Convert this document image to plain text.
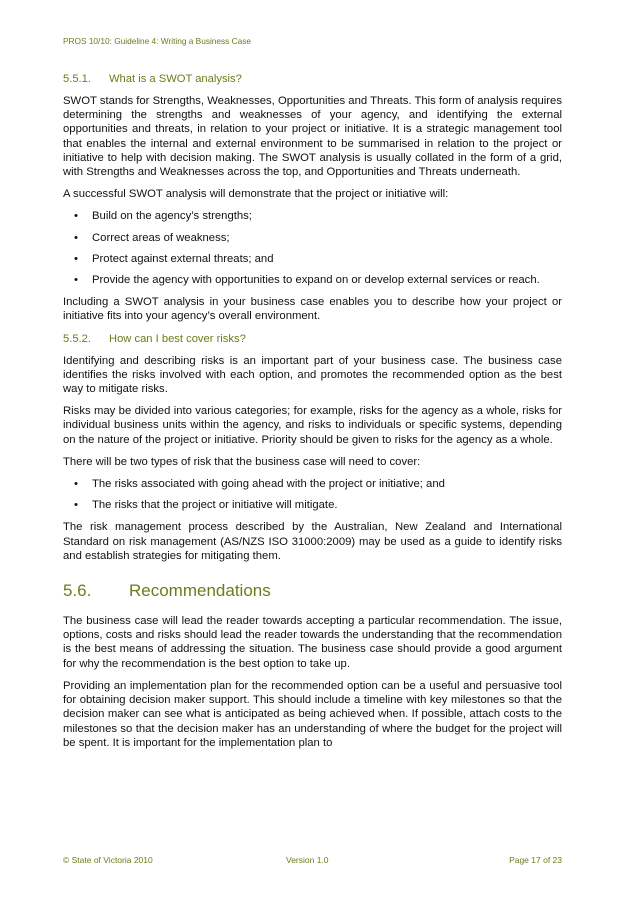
PROS 10/10: Guideline 4: Writing a Business Case
5.5.1.	What is a SWOT analysis?

SWOT stands for Strengths, Weaknesses, Opportunities and Threats. This form of analysis requires determining the strengths and weaknesses of your agency, and identifying the external opportunities and threats, in relation to your project or initiative. It is a strategic management tool that enables the internal and external environment to be summarised in relation to the project or initiative to help with decision making. The SWOT analysis is usually collated in the form of a grid, with Strengths and Weaknesses across the top, and Opportunities and Threats underneath.

A successful SWOT analysis will demonstrate that the project or initiative will:

• Build on the agency’s strengths;
• Correct areas of weakness;
• Protect against external threats; and
• Provide the agency with opportunities to expand on or develop external services or reach.

Including a SWOT analysis in your business case enables you to describe how your project or initiative fits into your agency’s overall environment.

5.5.2.	How can I best cover risks?

Identifying and describing risks is an important part of your business case. The business case identifies the risks involved with each option, and promotes the recommended option as the best way to mitigate risks.

Risks may be divided into various categories; for example, risks for the agency as a whole, risks for individual business units within the agency, and risks to individuals or specific systems, depending on the nature of the project or initiative. Priority should be given to risks for the agency as a whole.

There will be two types of risk that the business case will need to cover:

• The risks associated with going ahead with the project or initiative; and
• The risks that the project or initiative will mitigate.

The risk management process described by the Australian, New Zealand and International Standard on risk management (AS/NZS ISO 31000:2009) may be used as a guide to identify risks and establish strategies for mitigating them.

5.6.	Recommendations

The business case will lead the reader towards accepting a particular recommendation. The issue, options, costs and risks should lead the reader towards the understanding that the recommendation is the best means of addressing the situation. The business case should provide a good argument for why the recommendation is the best option to take up.

Providing an implementation plan for the recommended option can be a useful and persuasive tool for obtaining decision maker support. This should include a timeline with key milestones so that the decision maker can see what is anticipated as being achieved when. If possible, attach costs to the milestones so that the decision maker has an understanding of where the budget for the project will be spent. It is important for the implementation plan to

© State of Victoria 2010	Version 1.0	Page 17 of 23
